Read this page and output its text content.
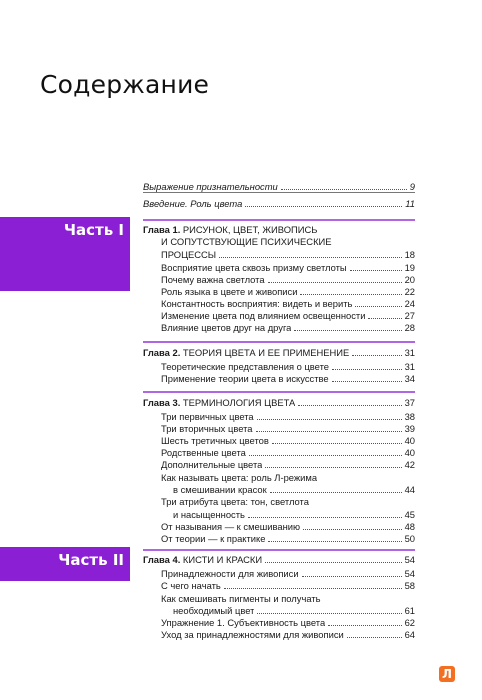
Содержание
Часть I
Часть II
Выражение признательности	9
Введение. Роль цвета	11
Глава 1. РИСУНОК, ЦВЕТ, ЖИВОПИСЬ
И СОПУТСТВУЮЩИЕ ПСИХИЧЕСКИЕ
ПРОЦЕССЫ	18
Восприятие цвета сквозь призму светлоты	19
Почему важна светлота	20
Роль языка в цвете и живописи	22
Константность восприятия: видеть и верить	24
Изменение цвета под влиянием освещенности	27
Влияние цветов друг на друга	28
Глава 2. ТЕОРИЯ ЦВЕТА И ЕЕ ПРИМЕНЕНИЕ	31
Теоретические представления о цвете	31
Применение теории цвета в искусстве	34
Глава 3. ТЕРМИНОЛОГИЯ ЦВЕТА	37
Три первичных цвета	38
Три вторичных цвета	39
Шесть третичных цветов	40
Родственные цвета	40
Дополнительные цвета	42
Как называть цвета: роль Л-режима
в смешивании красок	44
Три атрибута цвета: тон, светлота
и насыщенность	45
От называния — к смешиванию	48
От теории — к практике	50
Глава 4. КИСТИ И КРАСКИ	54
Принадлежности для живописи	54
С чего начать	58
Как смешивать пигменты и получать
необходимый цвет	61
Упражнение 1. Субъективность цвета	62
Уход за принадлежностями для живописи	64
Л
